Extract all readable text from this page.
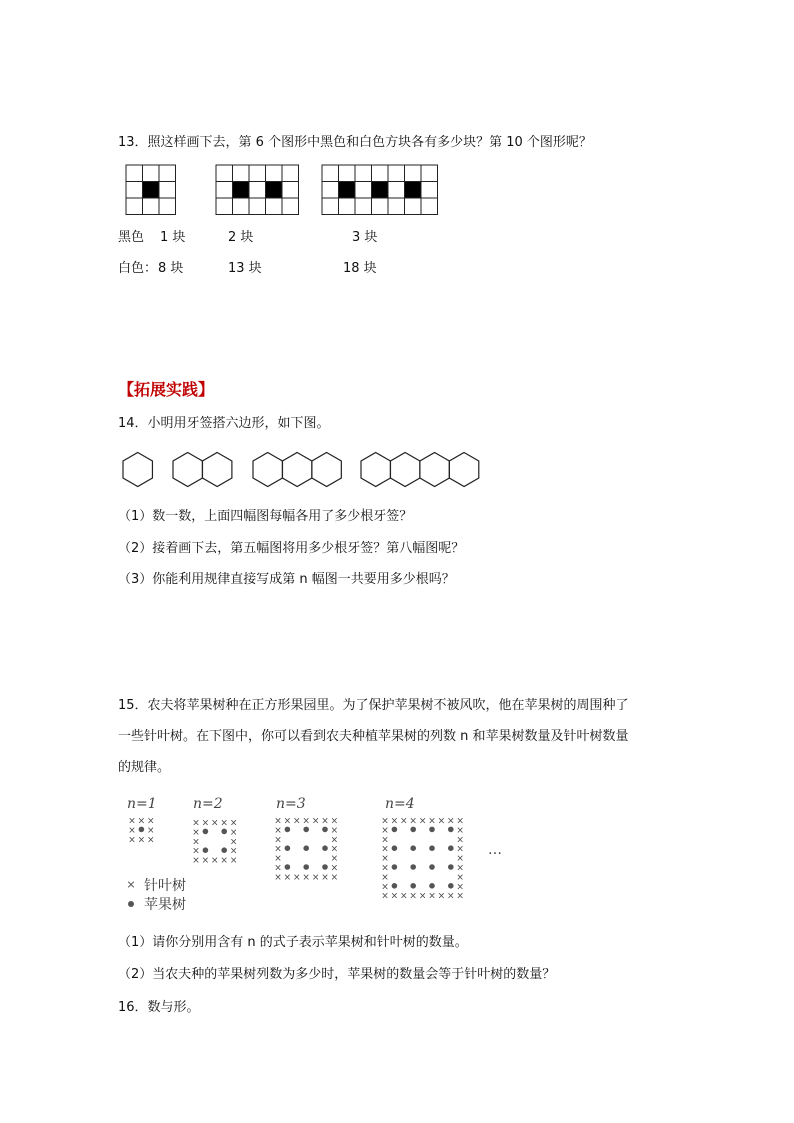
13．照这样画下去，第 6 个图形中黑色和白色方块各有多少块？第 10 个图形呢？
黑色 1 块	2 块	3 块
白色： 8 块	13 块	18 块
【拓展实践】
14．小明用牙签搭六边形，如下图。
（1）数一数，上面四幅图每幅各用了多少根牙签？
（2）接着画下去，第五幅图将用多少根牙签？第八幅图呢？
（3）你能利用规律直接写成第 n 幅图一共要用多少根吗？
15．农夫将苹果树种在正方形果园里。为了保护苹果树不被风吹，他在苹果树的周围种了
一些针叶树。在下图中，你可以看到农夫种植苹果树的列数 n 和苹果树数量及针叶树数量
的规律。
n=1	n=2	n=3	n=4
× × ×
× ×
× × ×
× × × × ×
×	×
×	×
×	×
× × × × ×
× × × × × × ×
×	×
×	×
×	×
×	×
×	×
× × × × × × ×
× × × × × × × × ×
×	×
×	×
×	×
×	×
×	×
×	×
×	×
× × × × × × × × ×
…
× 针叶树
苹果树
（1）请你分别用含有 n 的式子表示苹果树和针叶树的数量。
（2）当农夫种的苹果树列数为多少时，苹果树的数量会等于针叶树的数量？
16．数与形。
